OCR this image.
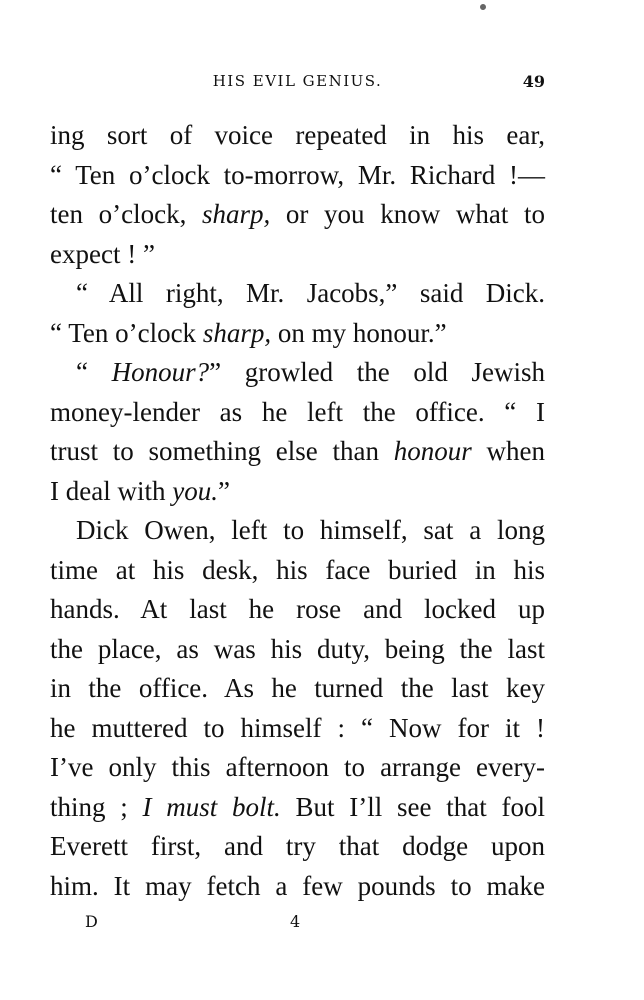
HIS EVIL GENIUS.	49
ing sort of voice repeated in his ear,
“ Ten o’clock to-morrow, Mr. Richard !—
ten o’clock, sharp, or you know what to
expect ! ”
“ All right, Mr. Jacobs,” said Dick.
“ Ten o’clock sharp, on my honour.”
“ Honour?” growled the old Jewish
money-lender as he left the office. “ I
trust to something else than honour when
I deal with you.”
Dick Owen, left to himself, sat a long
time at his desk, his face buried in his
hands. At last he rose and locked up
the place, as was his duty, being the last
in the office. As he turned the last key
he muttered to himself : “ Now for it !
I’ve only this afternoon to arrange every-
thing ; I must bolt. But I’ll see that fool
Everett first, and try that dodge upon
him. It may fetch a few pounds to make
D	4
